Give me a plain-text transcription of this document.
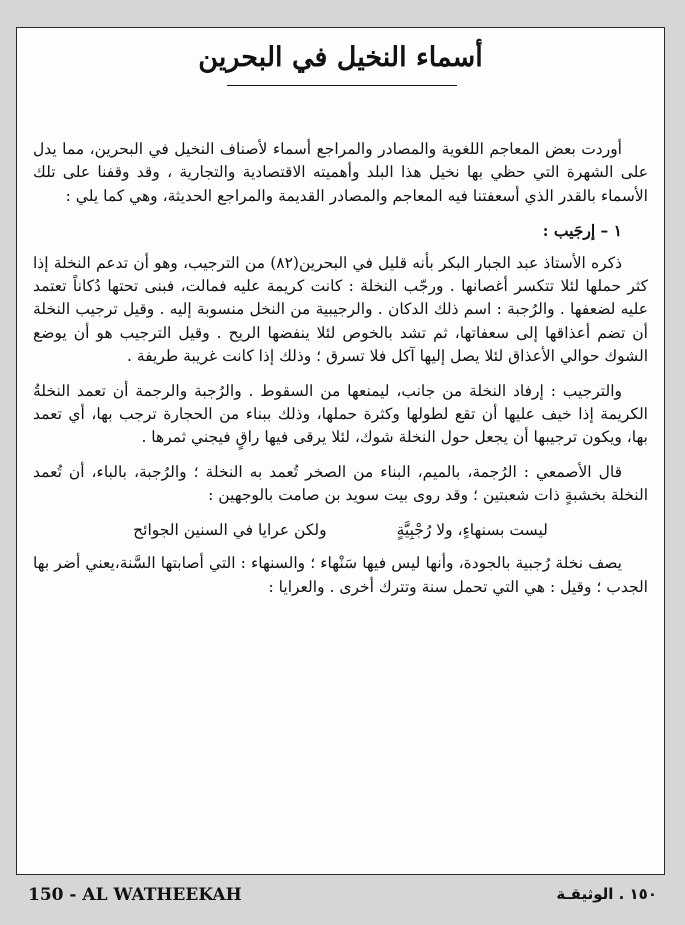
أسماء النخيل في البحرين

أوردت بعض المعاجم اللغوية والمصادر والمراجع أسماء لأصناف النخيل في البحرين، مما يدل على الشهرة التي حظي بها نخيل هذا البلد وأهميته الاقتصادية والتجارية ، وقد وقفنا على تلك الأسماء بالقدر الذي أسعفتنا فيه المعاجم والمصادر القديمة والمراجع الحديثة، وهي كما يلي :

١ – إرجَيب :

ذكره الأستاذ عبد الجبار البكر بأنه قليل في البحرين(٨٢) من الترجيب، وهو أن تدعم النخلة إذا كثر حملها لئلا تتكسر أغصانها . ورجّب النخلة : كانت كريمة عليه فمالت، فبنى تحتها دُكاناً تعتمد عليه لضعفها . والرُجبة : اسم ذلك الدكان . والرجيبية من النخل منسوبة إليه . وقيل ترجيب النخلة أن تضم أعذاقها إلى سعفاتها، ثم تشد بالخوص لئلا ينفضها الريح . وقيل الترجيب هو أن يوضع الشوك حوالي الأعذاق لئلا يصل إليها آكل فلا تسرق ؛ وذلك إذا كانت غريبة طريفة .

والترجيب : إرفاد النخلة من جانب، ليمنعها من السقوط . والرُجبة والرجمة أن تعمد النخلةُ الكريمة إذا خيف عليها أن تقع لطولها وكثرة حملها، وذلك ببناء من الحجارة ترجب بها، أي تعمد بها، ويكون ترجيبها أن يجعل حول النخلة شوك، لئلا يرقى فيها راقٍ فيجني ثمرها .

قال الأصمعي : الرُجمة، بالميم، البناء من الصخر تُعمد به النخلة ؛ والرُجبة، بالباء، أن تُعمد النخلة بخشبةٍ ذات شعبتين ؛ وقد روى بيت سويد بن صامت بالوجهين :

ليست بسنهاءٍ، ولا رُجْبِيَّةٍ
ولكن عرايا في السنين الجوائح

يصف نخلة رُجبية بالجودة، وأنها ليس فيها سَنْهاء ؛ والسنهاء : التي أصابتها السَّنة،يعني أضر بها الجدب ؛ وقيل : هي التي تحمل سنة وتترك أخرى . والعرايا :

150 - AL WATHEEKAH	١٥٠ . الوثيقـة
